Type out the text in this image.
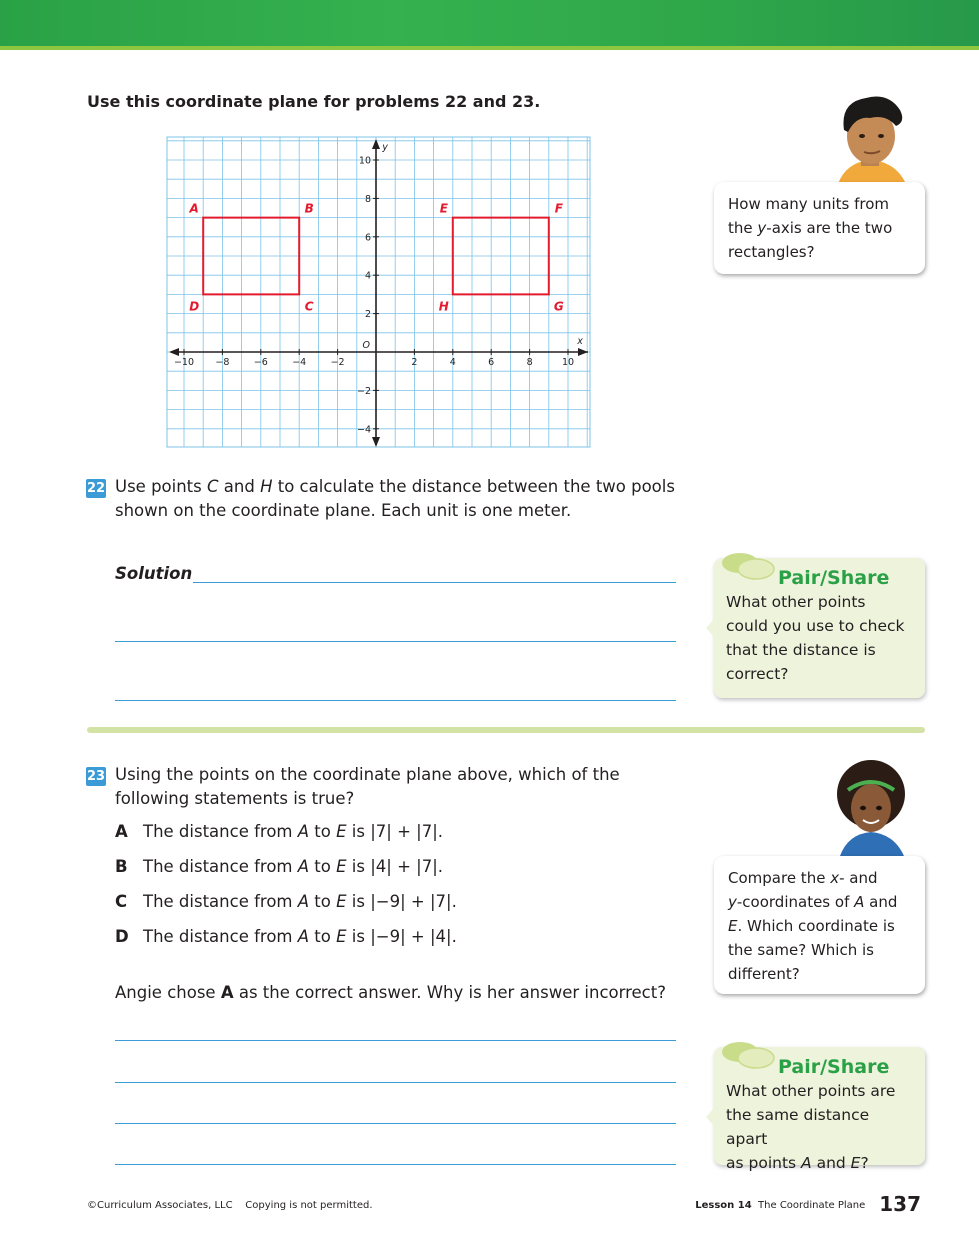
Use this coordinate plane for problems 22 and 23.
−10 −8	−6	−4	−2	2	4	6	8	10
10
8
6
4
2
−2
−4
O	x
y
A	B
C
D
E	F
G
H
22 Use points C and H to calculate the distance between the two pools
shown on the coordinate plane. Each unit is one meter.
Solution
23 Using the points on the coordinate plane above, which of the
following statements is true?
A The distance from A to E is |7| + |7|.
B The distance from A to E is |4| + |7|.
C The distance from A to E is |−9| + |7|.
D The distance from A to E is |−9| + |4|.
Angie chose A as the correct answer. Why is her answer incorrect?
How many units from
the y-axis are the two
rectangles?
Pair/Share
What other points
could you use to check
that the distance is
correct?
Compare the x- and
y-coordinates of A and
E. Which coordinate is
the same? Which is
different?
Pair/Share
What other points are
the same distance apart
as points A and E?
©Curriculum Associates, LLC Copying is not permitted.	Lesson 14 The Coordinate Plane 137
